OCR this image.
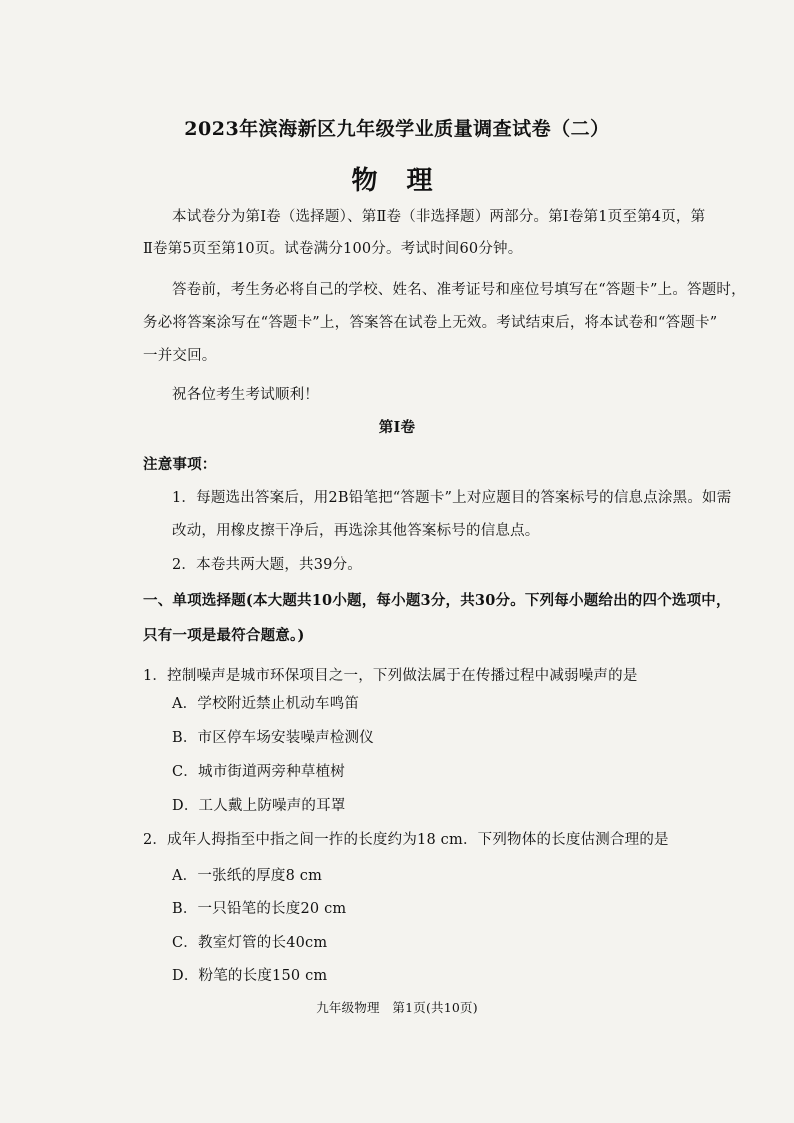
2023年滨海新区九年级学业质量调查试卷（二）
物 理
本试卷分为第Ⅰ卷（选择题）、第Ⅱ卷（非选择题）两部分。第Ⅰ卷第1页至第4页，第
Ⅱ卷第5页至第10页。试卷满分100分。考试时间60分钟。
答卷前，考生务必将自己的学校、姓名、准考证号和座位号填写在“答题卡”上。答题时，
务必将答案涂写在“答题卡”上，答案答在试卷上无效。考试结束后，将本试卷和“答题卡”
一并交回。
祝各位考生考试顺利！
第Ⅰ卷
注意事项：
1．每题选出答案后，用2B铅笔把“答题卡”上对应题目的答案标号的信息点涂黑。如需
改动，用橡皮擦干净后，再选涂其他答案标号的信息点。
2．本卷共两大题，共39分。
一、单项选择题(本大题共10小题，每小题3分，共30分。下列每小题给出的四个选项中，
只有一项是最符合题意。)
1．控制噪声是城市环保项目之一，下列做法属于在传播过程中减弱噪声的是
A．学校附近禁止机动车鸣笛
B．市区停车场安装噪声检测仪
C．城市街道两旁种草植树
D．工人戴上防噪声的耳罩
2．成年人拇指至中指之间一拃的长度约为18 cm．下列物体的长度估测合理的是
A．一张纸的厚度8 cm
B．一只铅笔的长度20 cm
C．教室灯管的长40cm
D．粉笔的长度150 cm
九年级物理　第1页(共10页)
